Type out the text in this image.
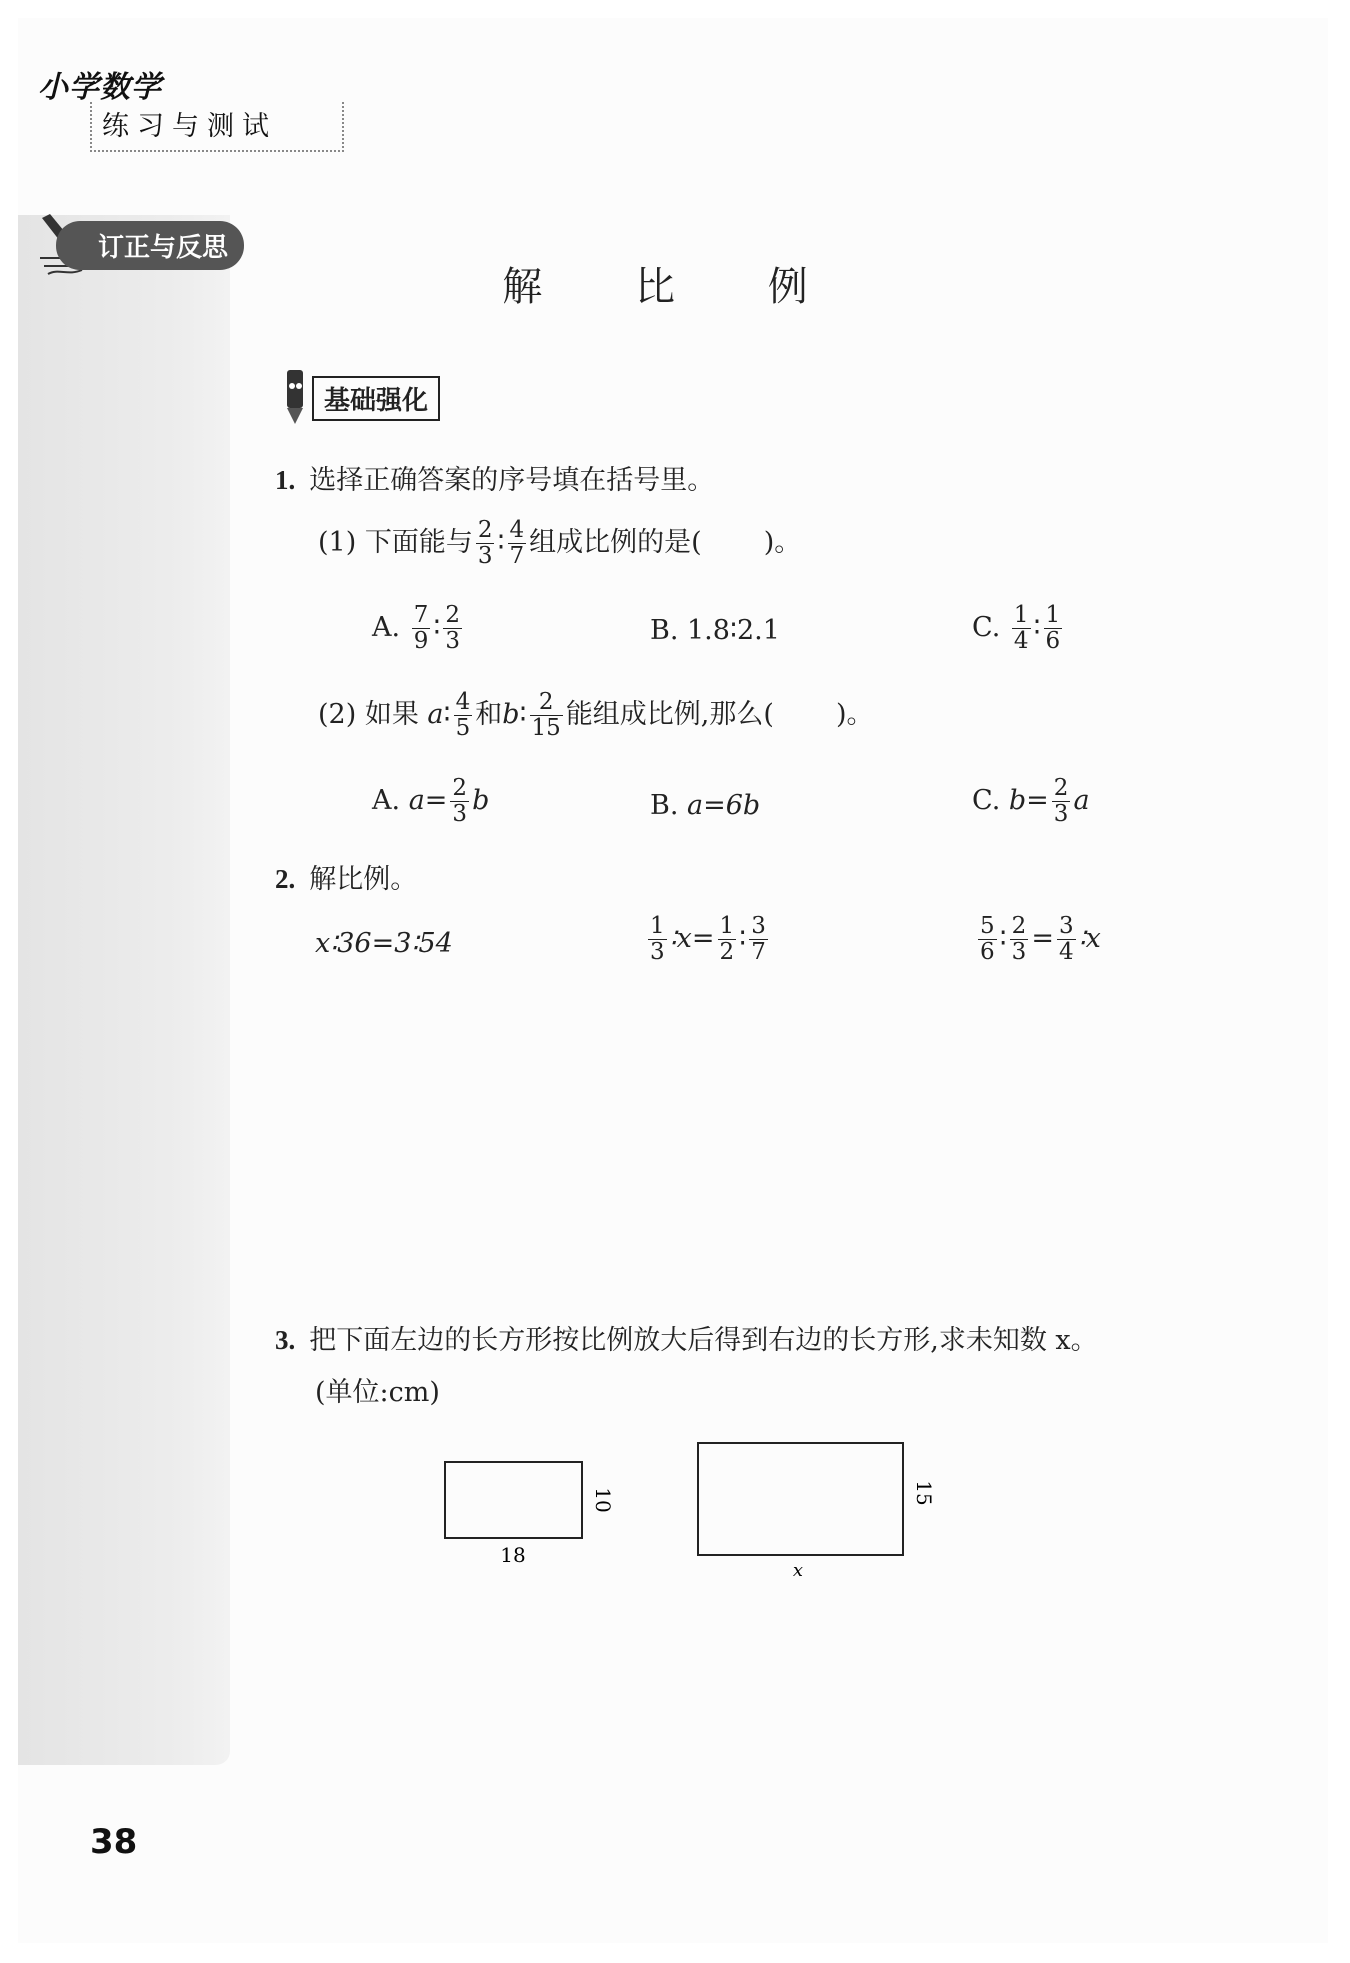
小学数学
练习与测试
订正与反思
解 比 例
基础强化
1. 选择正确答案的序号填在括号里。
(1) 下面能与 $\frac{2}{3}$ ∶ $\frac{4}{7}$ 组成比例的是( )。
A. $\frac{7}{9}$ ∶ $\frac{2}{3}$	B. 1.8∶2.1	C. $\frac{1}{4}$ ∶ $\frac{1}{6}$
(2) 如果 a∶ $\frac{4}{5}$ 和b∶ $\frac{2}{15}$ 能组成比例,那么( )。
A. $a= \frac{2}{3}$ b	B. a=6b	C. $b= \frac{2}{3}$ a
2. 解比例。
x∶36=3∶54	$\frac{1}{3}$ ∶x= $\frac{1}{2}$ ∶ $\frac{3}{7}$	$\frac{5}{6}$ ∶ $\frac{2}{3} = \frac{3}{4}$ ∶x
3. 把下面左边的长方形按比例放大后得到右边的长方形,求未知数 x。
(单位:cm)
18
10
x
15
38
